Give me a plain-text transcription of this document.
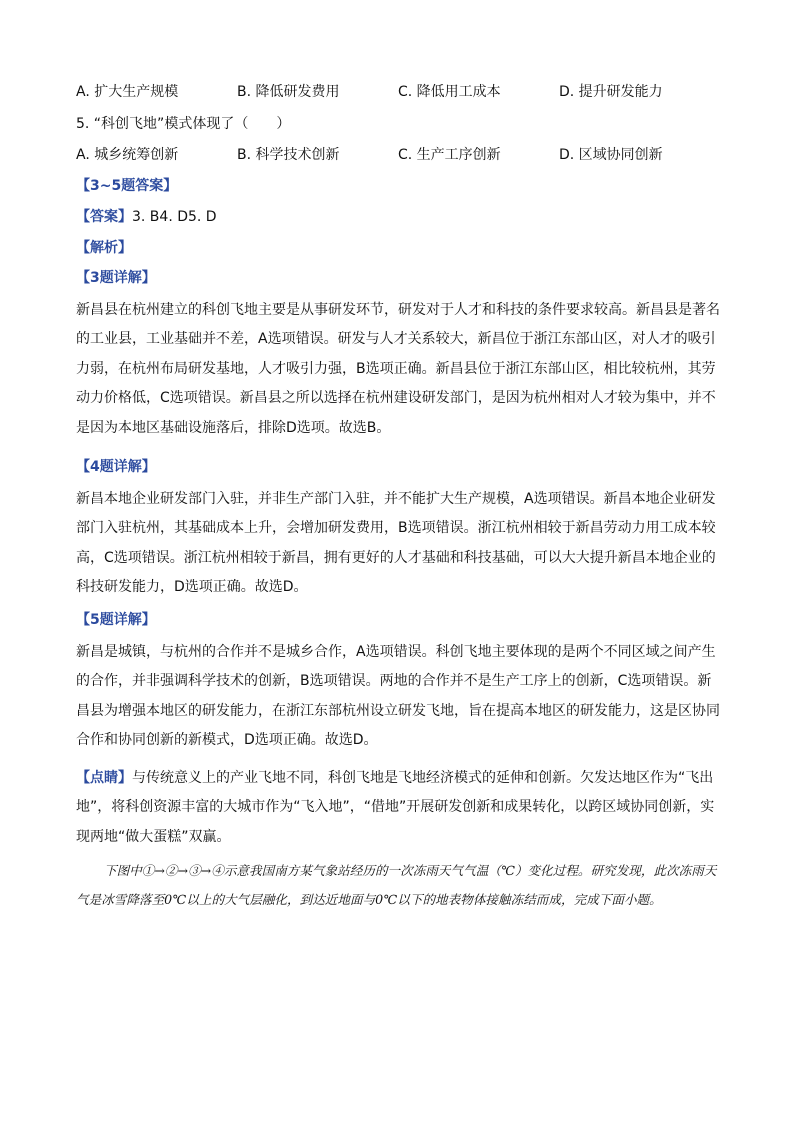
A. 扩大生产规模	B. 降低研发费用	C. 降低用工成本	D. 提升研发能力
5. “科创飞地”模式体现了（　　）
A. 城乡统筹创新	B. 科学技术创新	C. 生产工序创新	D. 区域协同创新
【3~5题答案】
【答案】3. B4. D5. D
【解析】
【3题详解】
新昌县在杭州建立的科创飞地主要是从事研发环节，研发对于人才和科技的条件要求较高。新昌县是著名的工业县，工业基础并不差，A选项错误。研发与人才关系较大，新昌位于浙江东部山区，对人才的吸引力弱，在杭州布局研发基地，人才吸引力强，B选项正确。新昌县位于浙江东部山区，相比较杭州，其劳动力价格低，C选项错误。新昌县之所以选择在杭州建设研发部门，是因为杭州相对人才较为集中，并不是因为本地区基础设施落后，排除D选项。故选B。
【4题详解】
新昌本地企业研发部门入驻，并非生产部门入驻，并不能扩大生产规模，A选项错误。新昌本地企业研发部门入驻杭州，其基础成本上升，会增加研发费用，B选项错误。浙江杭州相较于新昌劳动力用工成本较高，C选项错误。浙江杭州相较于新昌，拥有更好的人才基础和科技基础，可以大大提升新昌本地企业的科技研发能力，D选项正确。故选D。
【5题详解】
新昌是城镇，与杭州的合作并不是城乡合作，A选项错误。科创飞地主要体现的是两个不同区域之间产生的合作，并非强调科学技术的创新，B选项错误。两地的合作并不是生产工序上的创新，C选项错误。新昌县为增强本地区的研发能力，在浙江东部杭州设立研发飞地，旨在提高本地区的研发能力，这是区协同合作和协同创新的新模式，D选项正确。故选D。
【点睛】与传统意义上的产业飞地不同，科创飞地是飞地经济模式的延伸和创新。欠发达地区作为“飞出地”，将科创资源丰富的大城市作为“飞入地”，“借地”开展研发创新和成果转化，以跨区域协同创新，实现两地“做大蛋糕”双赢。
下图中①→②→③→④示意我国南方某气象站经历的一次冻雨天气气温（℃）变化过程。研究发现，此次冻雨天气是冰雪降落至0℃以上的大气层融化，到达近地面与0℃以下的地表物体接触冻结而成，完成下面小题。
